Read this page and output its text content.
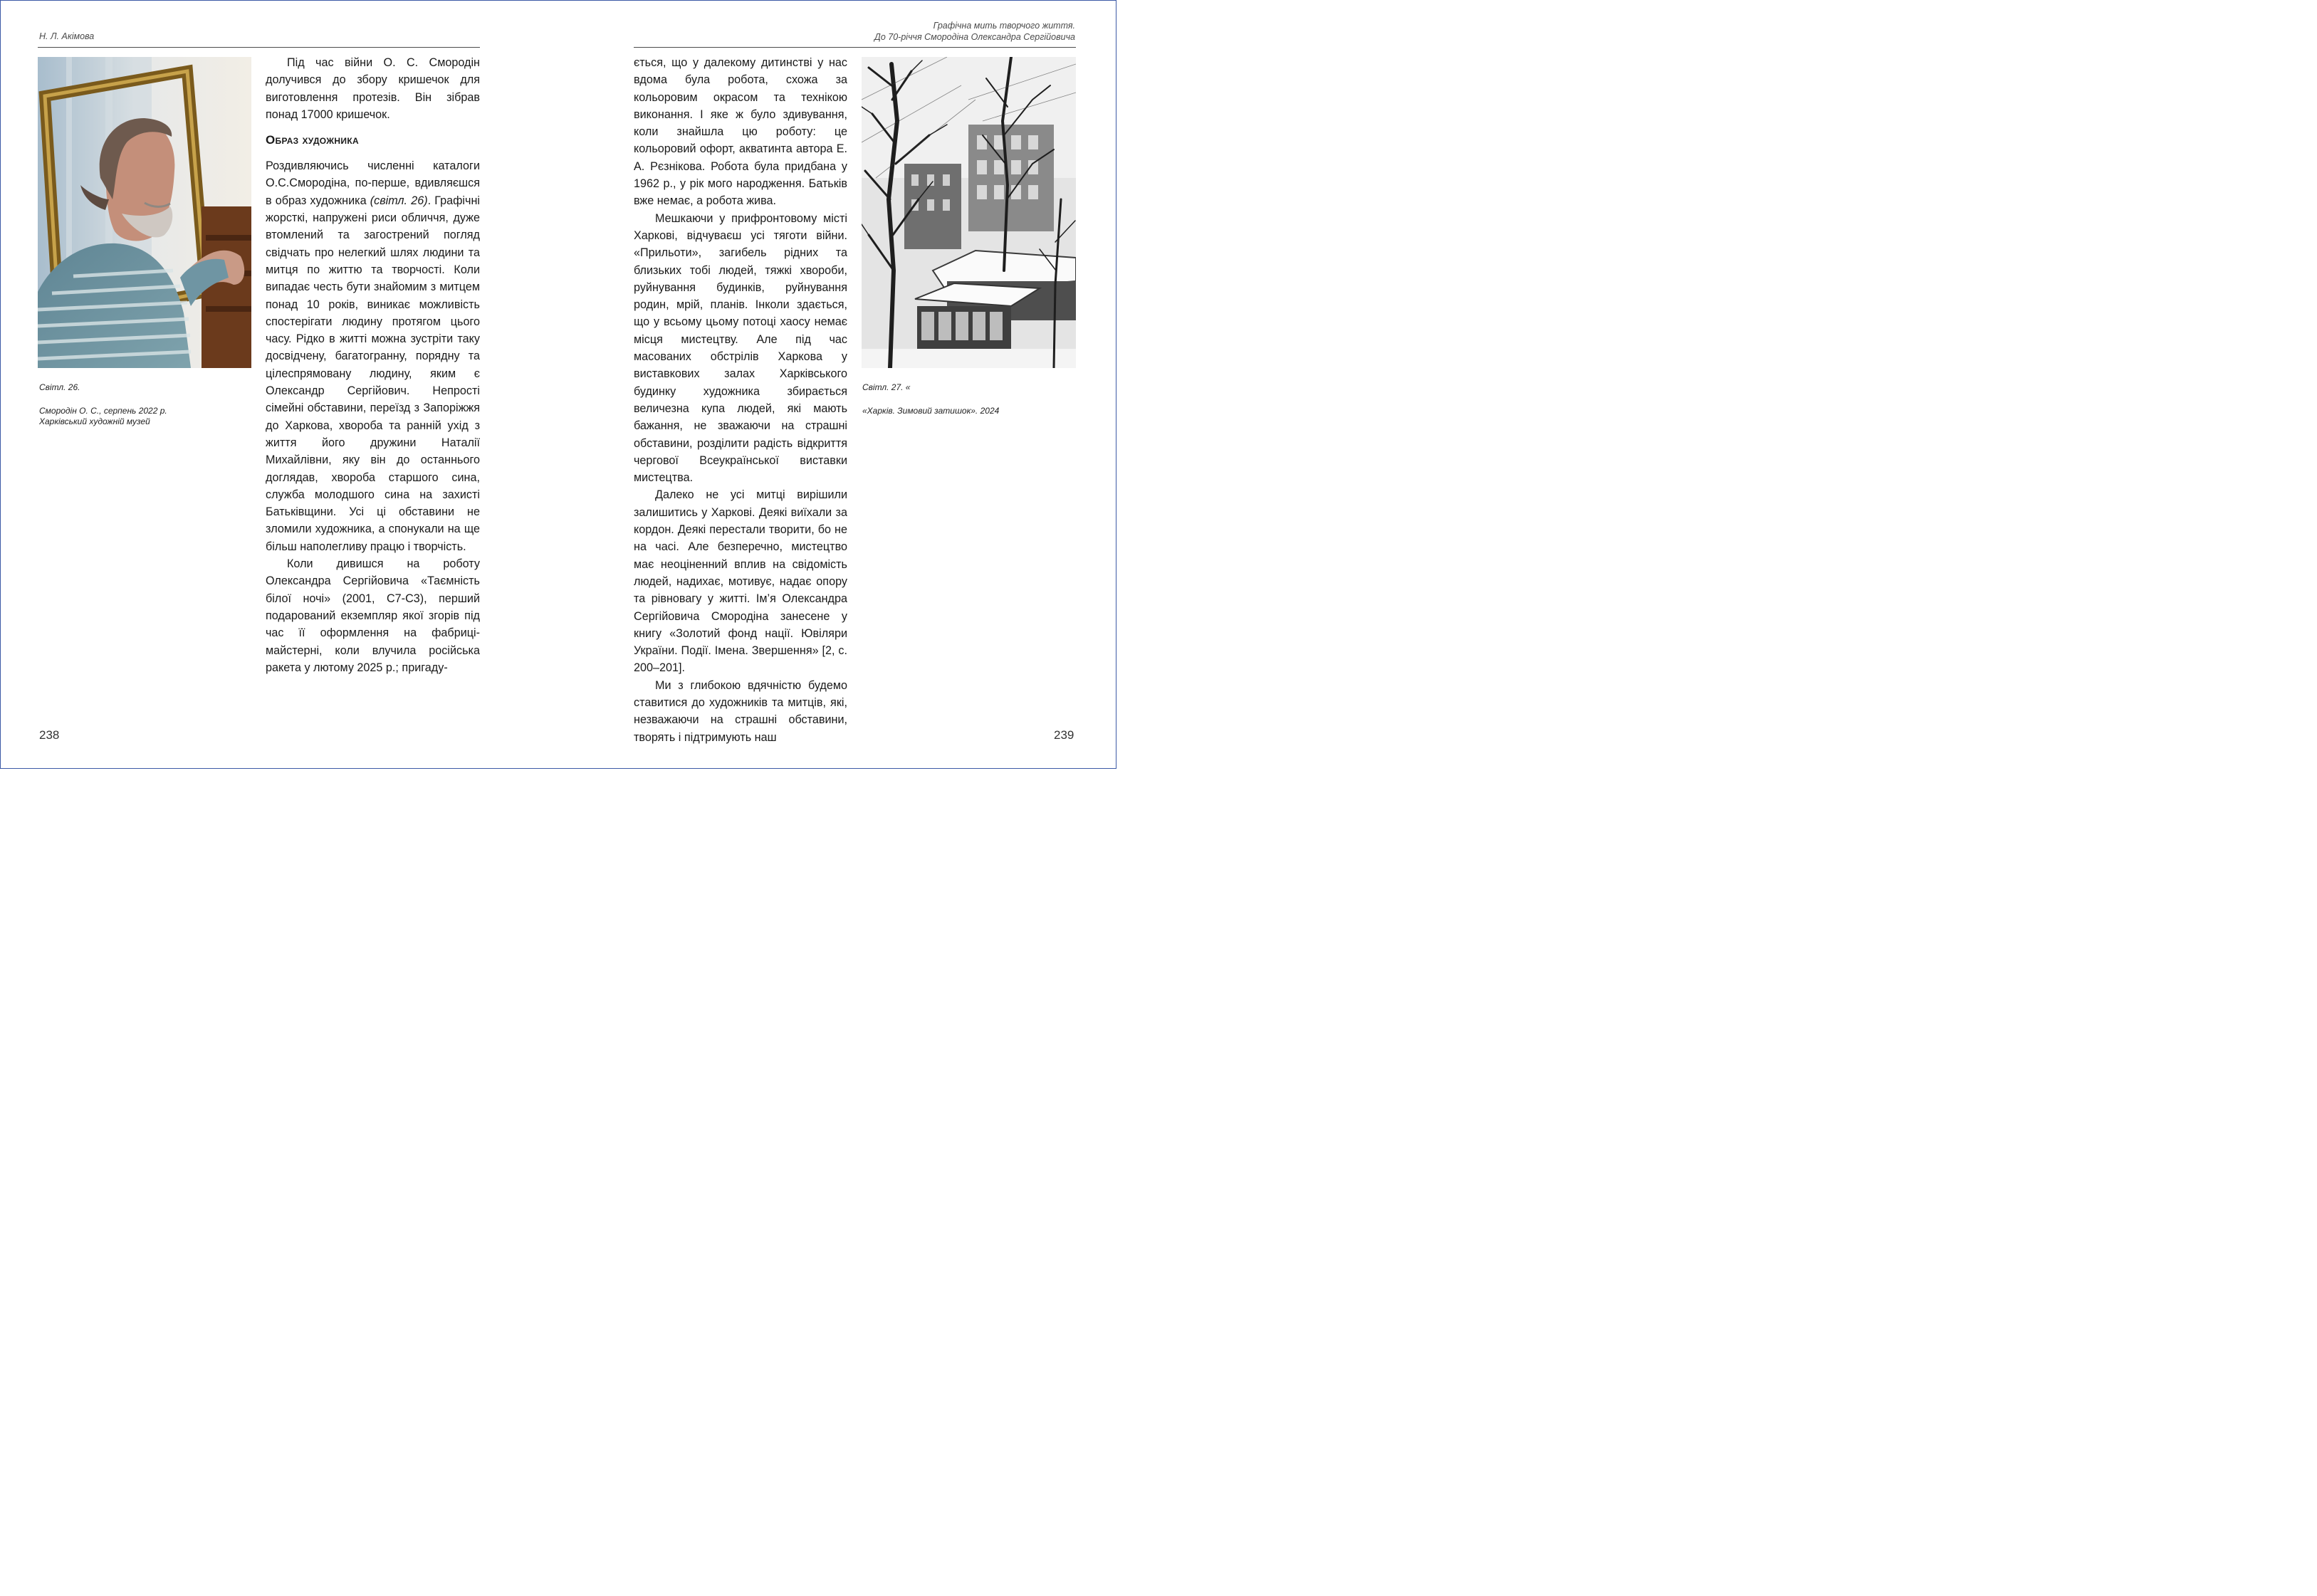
Н. Л. Акімова
Світл. 26.
Смородін О. С., серпень 2022 р.
Харківський художній музей

Під час війни О. С. Смородін долучився до збору кришечок для виготовлення протезів. Він зібрав понад 17000 кришечок.

Образ художника

Роздивляючись численні каталоги О.С.Смородіна, по-перше, вдивляєшся в образ художника (світл. 26). Графічні жорсткі, напружені риси обличчя, дуже втомлений та загострений погляд свідчать про нелегкий шлях людини та митця по життю та творчості. Коли випадає честь бути знайомим з митцем понад 10 років, виникає можливість спостерігати людину протягом цього часу. Рідко в житті можна зустріти таку досвідчену, багатогранну, порядну та цілеспрямовану людину, яким є Олександр Сергійович. Непрості сімейні обставини, переїзд з Запоріжжя до Харкова, хвороба та ранній ухід з життя його дружини Наталії Михайлівни, яку він до останнього доглядав, хвороба старшого сина, служба молодшого сина на захисті Батьківщини. Усі ці обставини не зломили художника, а спонукали на ще більш наполегливу працю і творчість.

Коли дивишся на роботу Олександра Сергійовича «Таємність білої ночі» (2001, С7-С3), перший подарований екземпляр якої згорів під час її оформлення на фабриці-майстерні, коли влучила російська ракета у лютому 2025 р.; пригаду-

238
Графічна мить творчого життя.
До 70-річчя Смородіна Олександра Сергійовича

ється, що у далекому дитинстві у нас вдома була робота, схожа за кольоровим окрасом та технікою виконання. І яке ж було здивування, коли знайшла цю роботу: це кольоровий офорт, акватинта автора Е. А. Рєзнікова. Робота була придбана у 1962 р., у рік мого народження. Батьків вже немає, а робота жива.

Мешкаючи у прифронтовому місті Харкові, відчуваєш усі тяготи війни. «Прильоти», загибель рідних та близьких тобі людей, тяжкі хвороби, руйнування будинків, руйнування родин, мрій, планів. Інколи здається, що у всьому цьому потоці хаосу немає місця мистецтву. Але під час масованих обстрілів Харкова у виставкових залах Харківського будинку художника збирається величезна купа людей, які мають бажання, не зважаючи на страшні обставини, розділити радість відкриття чергової Всеукраїнської виставки мистецтва.

Далеко не усі митці вирішили залишитись у Харкові. Деякі виїхали за кордон. Деякі перестали творити, бо не на часі. Але безперечно, мистецтво має неоціненний вплив на свідомість людей, надихає, мотивує, надає опору та рівновагу у житті. Ім’я Олександра Сергійовича Смородіна занесене у книгу «Золотий фонд нації. Ювіляри України. Події. Імена. Звершення» [2, с. 200–201].

Ми з глибокою вдячністю будемо ставитися до художників та митців, які, незважаючи на страшні обставини, творять і підтримують наш

Світл. 27. «
«Харків. Зимовий затишок». 2024
239
